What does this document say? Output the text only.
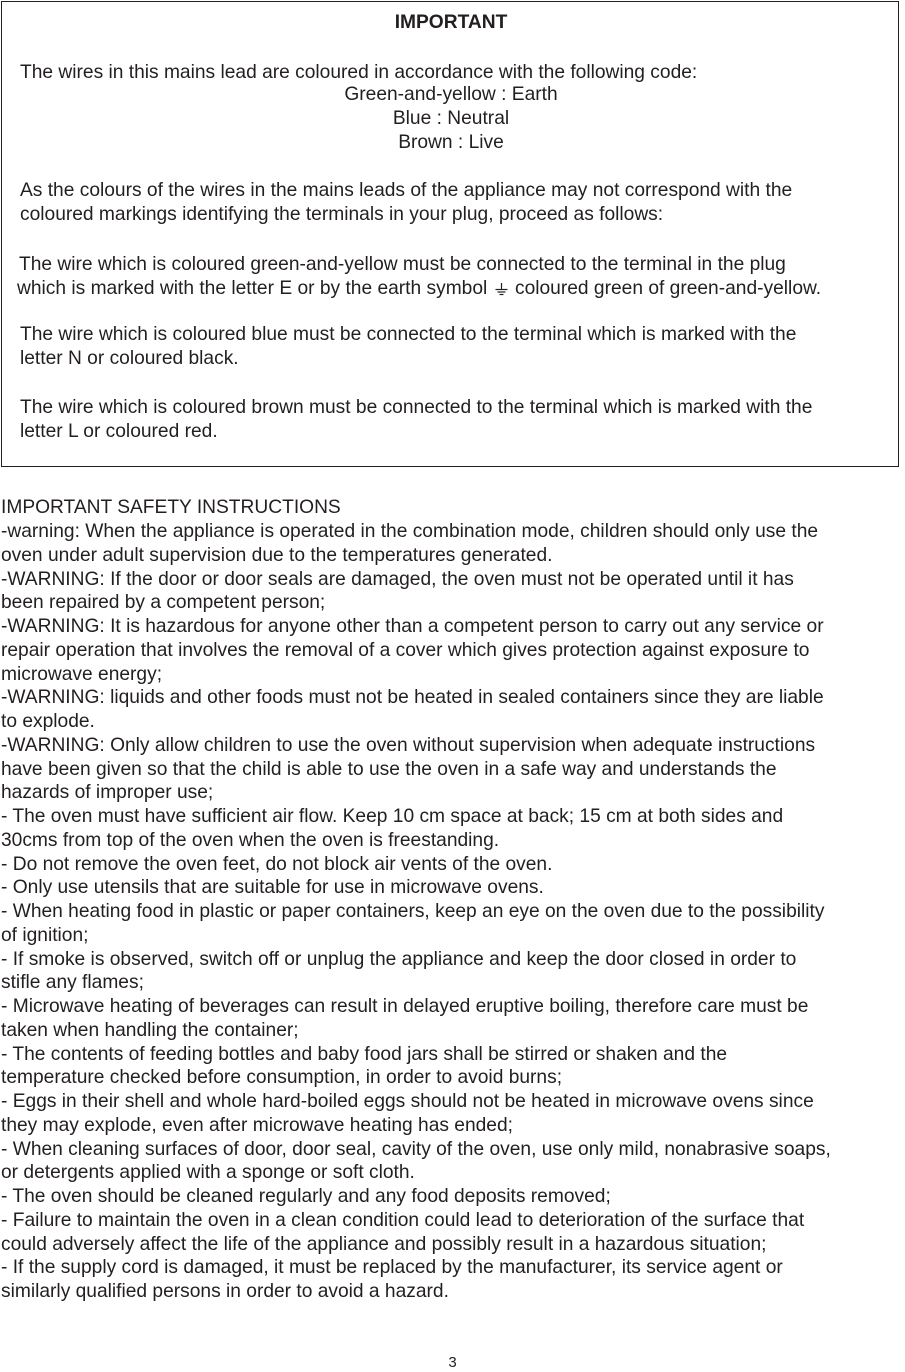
IMPORTANT
The wires in this mains lead are coloured in accordance with the following code:
Green-and-yellow : Earth
Blue : Neutral
Brown : Live
As the colours of the wires in the mains leads of the appliance may not correspond with the
coloured markings identifying the terminals in your plug, proceed as follows:
The wire which is coloured green-and-yellow must be connected to the terminal in the plug
which is marked with the letter E or by the earth symbol coloured green of green-and-yellow.
The wire which is coloured blue must be connected to the terminal which is marked with the
letter N or coloured black.
The wire which is coloured brown must be connected to the terminal which is marked with the
letter L or coloured red.
IMPORTANT SAFETY INSTRUCTIONS
-warning: When the appliance is operated in the combination mode, children should only use the
oven under adult supervision due to the temperatures generated.
-WARNING: If the door or door seals are damaged, the oven must not be operated until it has
been repaired by a competent person;
-WARNING: It is hazardous for anyone other than a competent person to carry out any service or
repair operation that involves the removal of a cover which gives protection against exposure to
microwave energy;
-WARNING: liquids and other foods must not be heated in sealed containers since they are liable
to explode.
-WARNING: Only allow children to use the oven without supervision when adequate instructions
have been given so that the child is able to use the oven in a safe way and understands the
hazards of improper use;
- The oven must have sufficient air flow. Keep 10 cm space at back; 15 cm at both sides and
30cms from top of the oven when the oven is freestanding.
- Do not remove the oven feet, do not block air vents of the oven.
- Only use utensils that are suitable for use in microwave ovens.
- When heating food in plastic or paper containers, keep an eye on the oven due to the possibility
of ignition;
- If smoke is observed, switch off or unplug the appliance and keep the door closed in order to
stifle any flames;
- Microwave heating of beverages can result in delayed eruptive boiling, therefore care must be
taken when handling the container;
- The contents of feeding bottles and baby food jars shall be stirred or shaken and the
temperature checked before consumption, in order to avoid burns;
- Eggs in their shell and whole hard-boiled eggs should not be heated in microwave ovens since
they may explode, even after microwave heating has ended;
- When cleaning surfaces of door, door seal, cavity of the oven, use only mild, nonabrasive soaps,
or detergents applied with a sponge or soft cloth.
- The oven should be cleaned regularly and any food deposits removed;
- Failure to maintain the oven in a clean condition could lead to deterioration of the surface that
could adversely affect the life of the appliance and possibly result in a hazardous situation;
- If the supply cord is damaged, it must be replaced by the manufacturer, its service agent or
similarly qualified persons in order to avoid a hazard.
3
